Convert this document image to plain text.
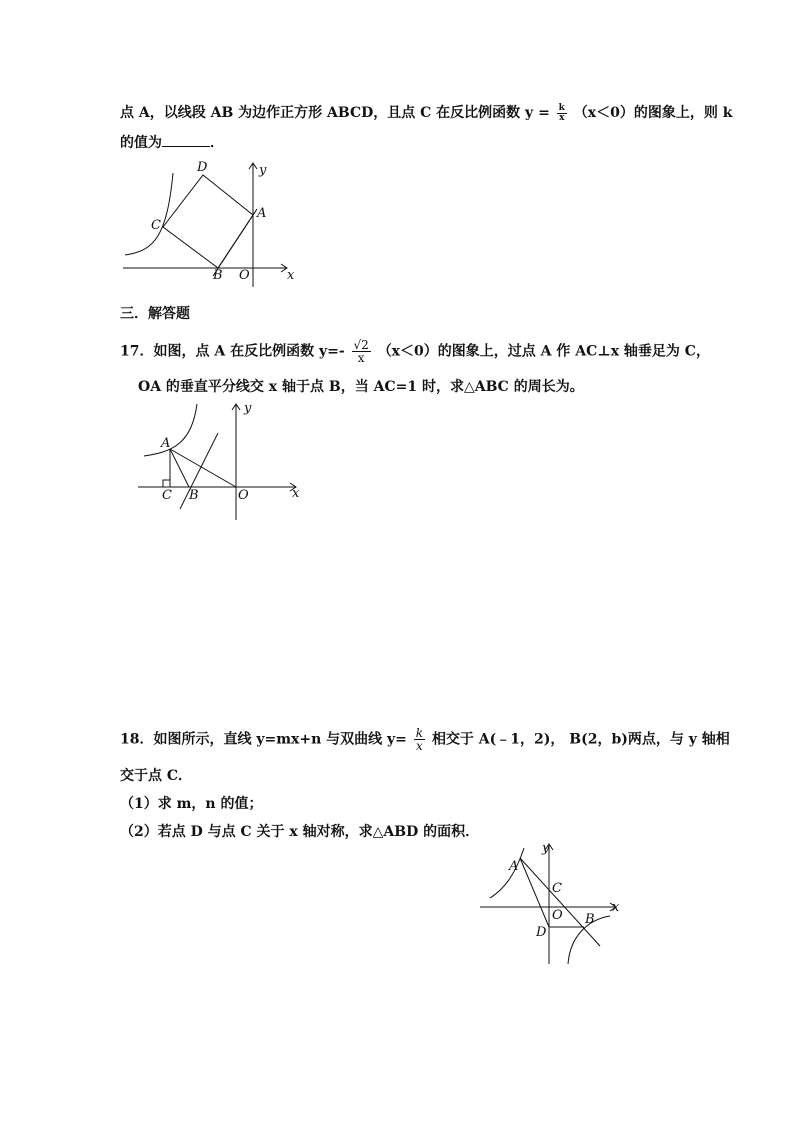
点 A，以线段 AB 为边作正方形 ABCD，且点 C 在反比例函数 $y = \frac{k}{x} (x<0)$的图象上，则 k
的值为	．
D	y
A
C
B O	x
三．解答题
17．如图，点 A 在反比例函数 $y=- \frac{√2}{x} (x<0)$的图象上，过点 A 作 AC⊥x 轴垂足为 C，
OA 的垂直平分线交 x 轴于点 B，当 AC=1 时，求△ABC 的周长为。
y
A
C B	O	x
18．如图所示，直线 y=mx+n 与双曲线 $y= \frac{k}{x}$ 相交于 A(﹣1，2)， B(2，b)两点，与 y 轴相
交于点 C．
（1）求 m，n 的值；
（2）若点 D 与点 C 关于 x 轴对称，求△ABD 的面积．
y
A
C
O
x
B
D
